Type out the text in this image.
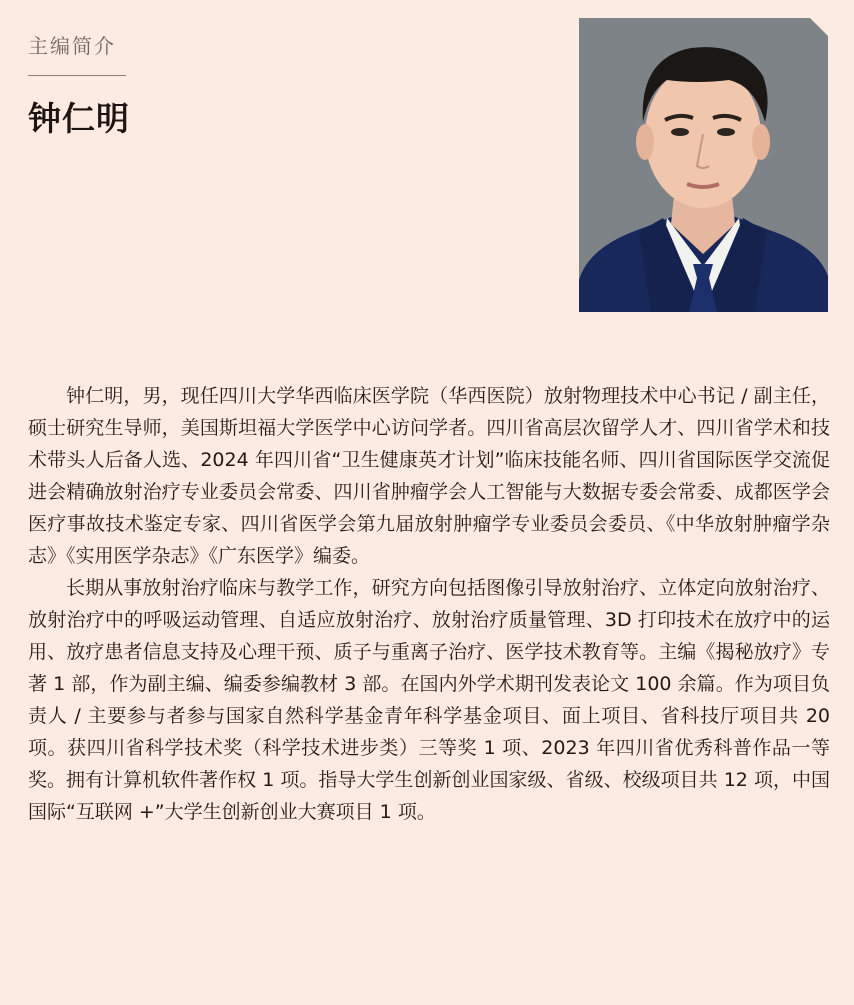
主编简介
钟仁明

钟仁明，男，现任四川大学华西临床医学院（华西医院）放射物理技术中心书记 / 副主任，硕士研究生导师，美国斯坦福大学医学中心访问学者。四川省高层次留学人才、四川省学术和技术带头人后备人选、2024 年四川省“卫生健康英才计划”临床技能名师、四川省国际医学交流促进会精确放射治疗专业委员会常委、四川省肿瘤学会人工智能与大数据专委会常委、成都医学会医疗事故技术鉴定专家、四川省医学会第九届放射肿瘤学专业委员会委员、《中华放射肿瘤学杂志》《实用医学杂志》《广东医学》编委。

长期从事放射治疗临床与教学工作，研究方向包括图像引导放射治疗、立体定向放射治疗、放射治疗中的呼吸运动管理、自适应放射治疗、放射治疗质量管理、3D 打印技术在放疗中的运用、放疗患者信息支持及心理干预、质子与重离子治疗、医学技术教育等。主编《揭秘放疗》专著 1 部，作为副主编、编委参编教材 3 部。在国内外学术期刊发表论文 100 余篇。作为项目负责人 / 主要参与者参与国家自然科学基金青年科学基金项目、面上项目、省科技厅项目共 20 项。获四川省科学技术奖（科学技术进步类）三等奖 1 项、2023 年四川省优秀科普作品一等奖。拥有计算机软件著作权 1 项。指导大学生创新创业国家级、省级、校级项目共 12 项，中国国际“互联网 +”大学生创新创业大赛项目 1 项。
